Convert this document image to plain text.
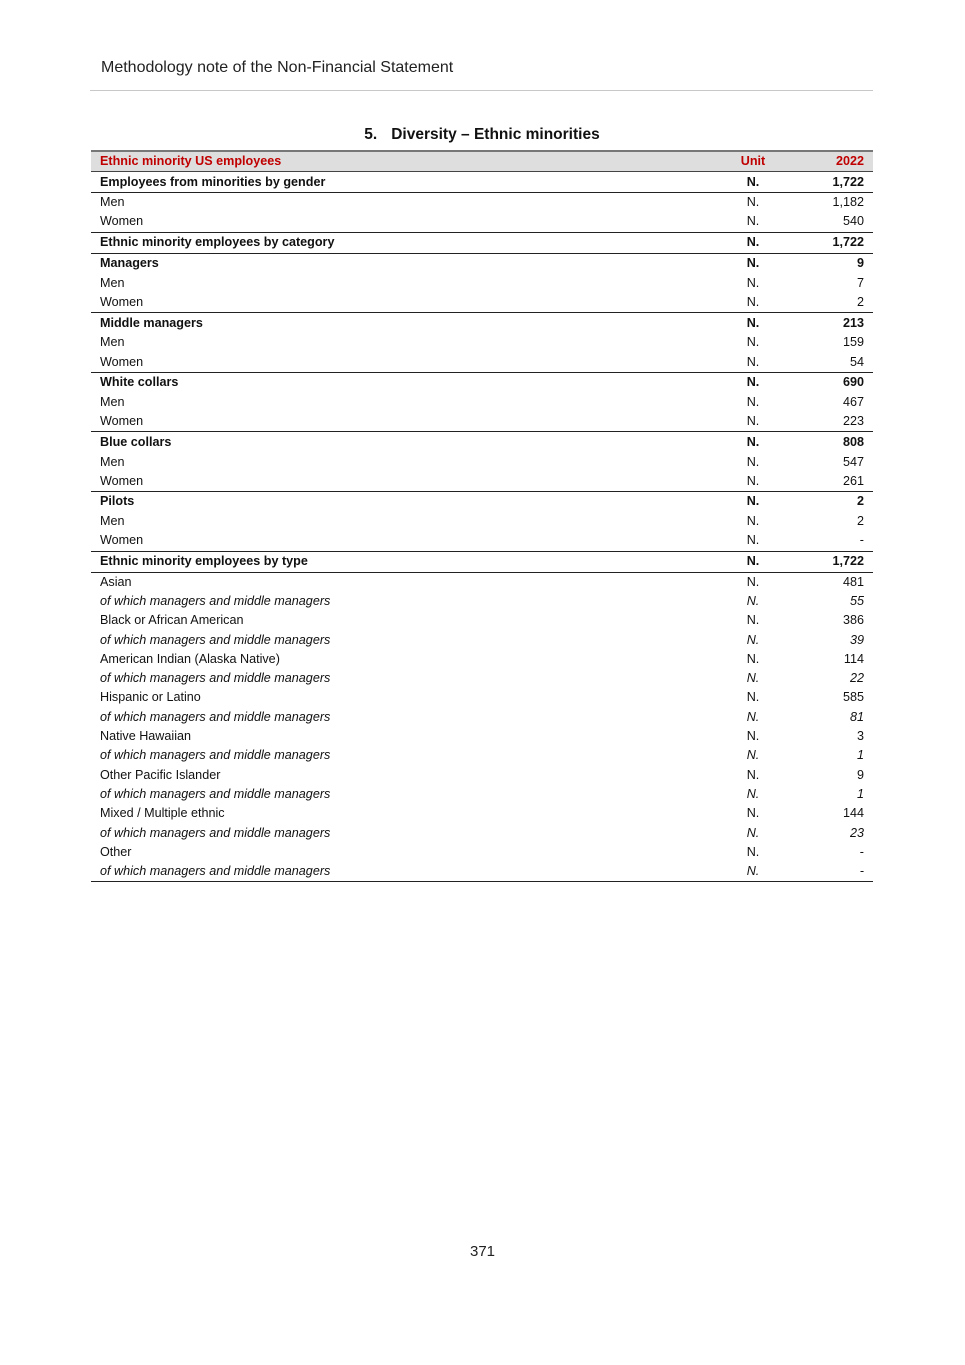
Methodology note of the Non-Financial Statement
5. Diversity – Ethnic minorities
Ethnic minority US employees	Unit	2022
Employees from minorities by gender	N.	1,722
Men	N.	1,182
Women	N.	540
Ethnic minority employees by category	N.	1,722
Managers	N.	9
Men	N.	7
Women	N.	2
Middle managers	N.	213
Men	N.	159
Women	N.	54
White collars	N.	690
Men	N.	467
Women	N.	223
Blue collars	N.	808
Men	N.	547
Women	N.	261
Pilots	N.	2
Men	N.	2
Women	N.	-
Ethnic minority employees by type	N.	1,722
Asian	N.	481
of which managers and middle managers	N.	55
Black or African American	N.	386
of which managers and middle managers	N.	39
American Indian (Alaska Native)	N.	114
of which managers and middle managers	N.	22
Hispanic or Latino	N.	585
of which managers and middle managers	N.	81
Native Hawaiian	N.	3
of which managers and middle managers	N.	1
Other Pacific Islander	N.	9
of which managers and middle managers	N.	1
Mixed / Multiple ethnic	N.	144
of which managers and middle managers	N.	23
Other	N.	-
of which managers and middle managers	N.	-
371
